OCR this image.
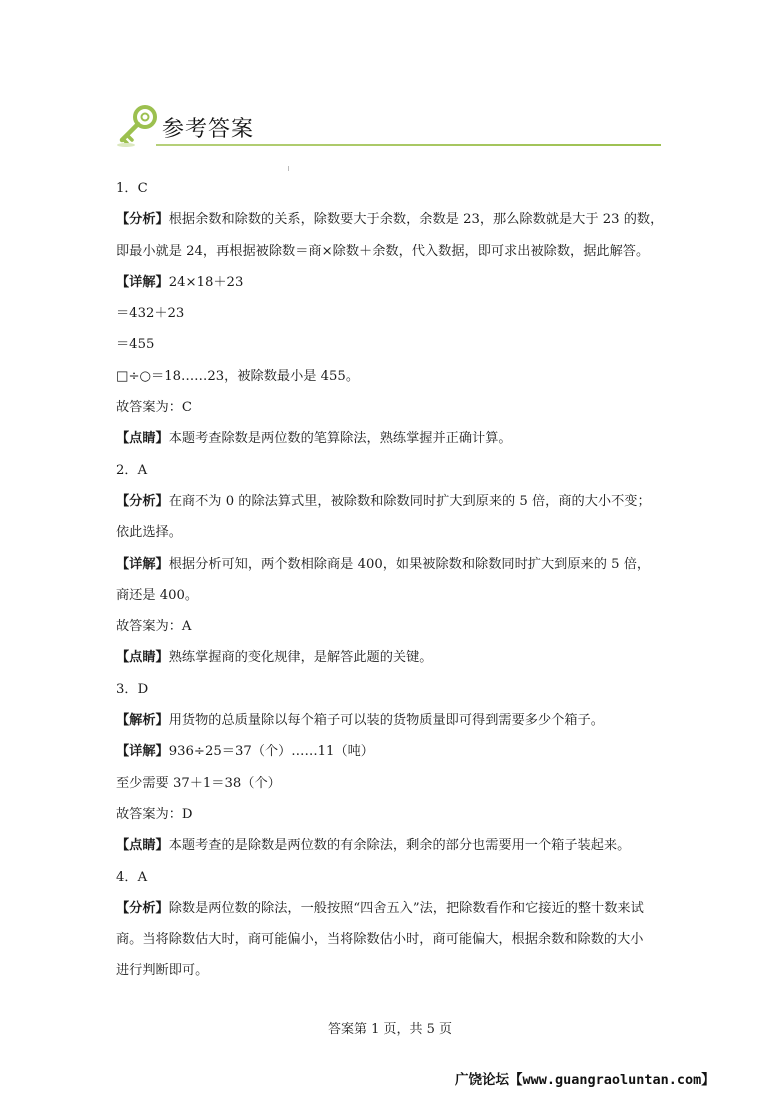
参考答案
1．C
【分析】根据余数和除数的关系，除数要大于余数，余数是 23，那么除数就是大于 23 的数，
即最小就是 24，再根据被除数＝商×除数＋余数，代入数据，即可求出被除数，据此解答。
【详解】24×18＋23
＝432＋23
＝455
□÷○＝18……23，被除数最小是 455。
故答案为：C
【点睛】本题考查除数是两位数的笔算除法，熟练掌握并正确计算。
2．A
【分析】在商不为 0 的除法算式里，被除数和除数同时扩大到原来的 5 倍，商的大小不变；
依此选择。
【详解】根据分析可知，两个数相除商是 400，如果被除数和除数同时扩大到原来的 5 倍，
商还是 400。
故答案为：A
【点睛】熟练掌握商的变化规律，是解答此题的关键。
3．D
【解析】用货物的总质量除以每个箱子可以装的货物质量即可得到需要多少个箱子。
【详解】936÷25＝37（个）……11（吨）
至少需要 37＋1＝38（个）
故答案为：D
【点睛】本题考查的是除数是两位数的有余除法，剩余的部分也需要用一个箱子装起来。
4．A
【分析】除数是两位数的除法，一般按照“四舍五入”法，把除数看作和它接近的整十数来试
商。当将除数估大时，商可能偏小，当将除数估小时，商可能偏大，根据余数和除数的大小
进行判断即可。
答案第 1 页，共 5 页
广饶论坛【www.guangraoluntan.com】
